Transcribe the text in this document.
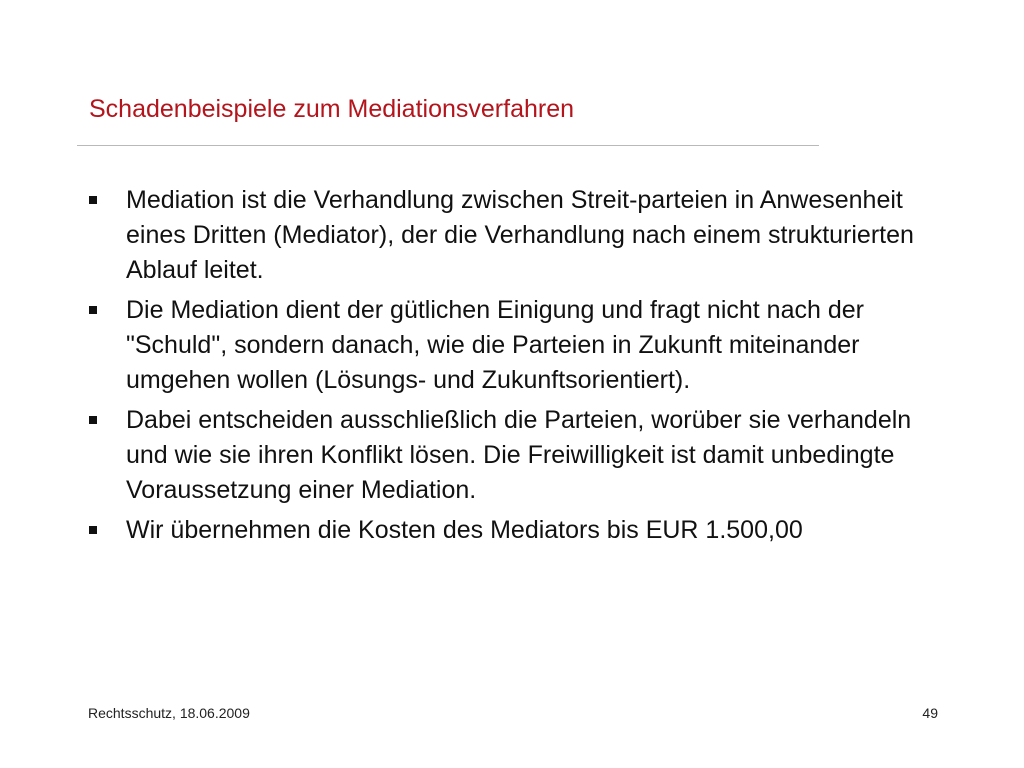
Schadenbeispiele zum Mediationsverfahren
Mediation ist die Verhandlung zwischen Streit-parteien in Anwesenheit eines Dritten (Mediator), der die Verhandlung nach einem strukturierten Ablauf leitet.
Die Mediation dient der gütlichen Einigung und fragt nicht nach der "Schuld", sondern danach, wie die Parteien in Zukunft miteinander umgehen wollen (Lösungs- und Zukunftsorientiert).
Dabei entscheiden ausschließlich die Parteien, worüber sie verhandeln und wie sie ihren Konflikt lösen. Die Freiwilligkeit ist damit unbedingte Voraussetzung einer Mediation.
Wir übernehmen die Kosten des Mediators bis EUR 1.500,00
Rechtsschutz, 18.06.2009	49
